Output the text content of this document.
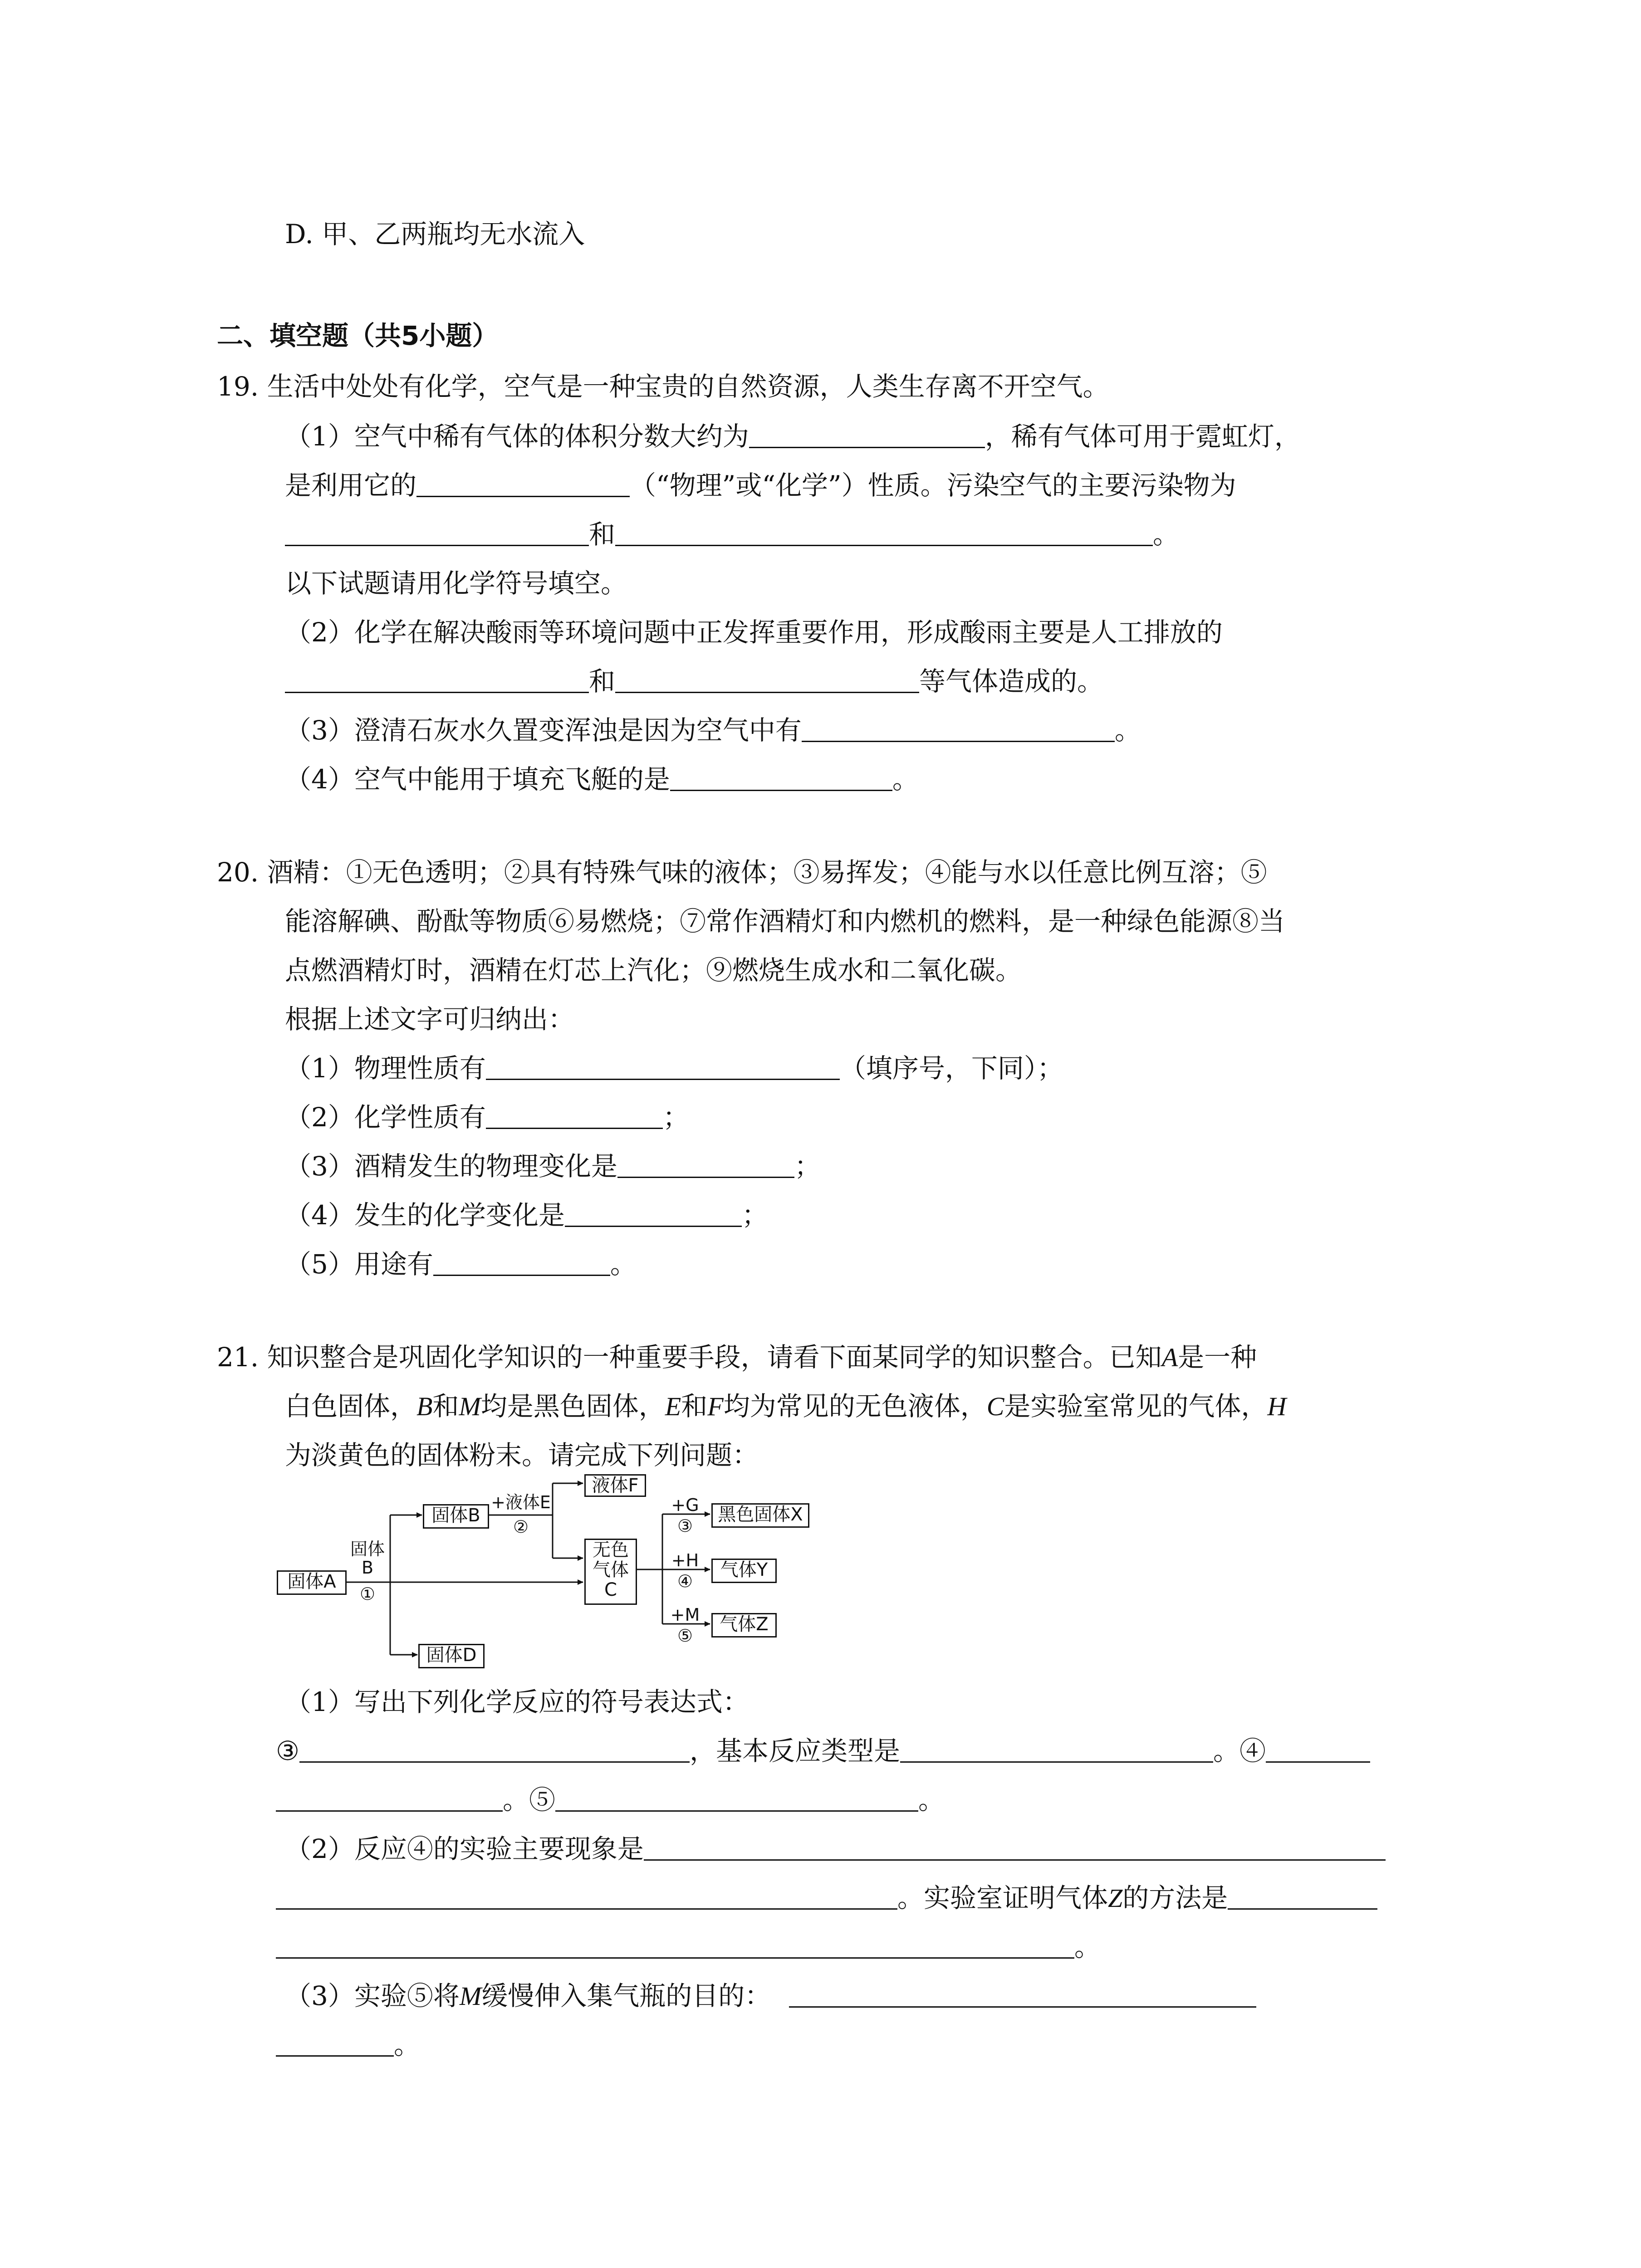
D. 甲、乙两瓶均无水流入
二、填空题（共5小题）
19. 生活中处处有化学，空气是一种宝贵的自然资源，人类生存离不开空气。
（1）空气中稀有气体的体积分数大约为	，稀有气体可用于霓虹灯，
是利用它的	（“物理”或“化学”）性质。污染空气的主要污染物为
和	。
以下试题请用化学符号填空。
（2）化学在解决酸雨等环境问题中正发挥重要作用，形成酸雨主要是人工排放的
和	等气体造成的。
（3）澄清石灰水久置变浑浊是因为空气中有	。
（4）空气中能用于填充飞艇的是	。
20. 酒精：①无色透明；②具有特殊气味的液体；③易挥发；④能与水以任意比例互溶；⑤
能溶解碘、酚酞等物质⑥易燃烧；⑦常作酒精灯和内燃机的燃料，是一种绿色能源⑧当
点燃酒精灯时，酒精在灯芯上汽化；⑨燃烧生成水和二氧化碳。
根据上述文字可归纳出：
（1）物理性质有	（填序号，下同）；
（2）化学性质有	；
（3）酒精发生的物理变化是	；
（4）发生的化学变化是	；
（5）用途有	。
21. 知识整合是巩固化学知识的一种重要手段，请看下面某同学的知识整合。已知A是一种
白色固体，B和M均是黑色固体，E和F均为常见的无色液体，C是实验室常见的气体，H
为淡黄色的固体粉末。请完成下列问题：
固体A
固体B
固体D
液体F
无色
气体
C
黑色固体X
气体Y
气体Z
固体
B
①
+液体E
②
+G
③
+H
④
+M
⑤
（1）写出下列化学反应的符号表达式：
③	，基本反应类型是	。④
。⑤	。
（2）反应④的实验主要现象是
。实验室证明气体Z的方法是
。
（3）实验⑤将M缓慢伸入集气瓶的目的：
。
